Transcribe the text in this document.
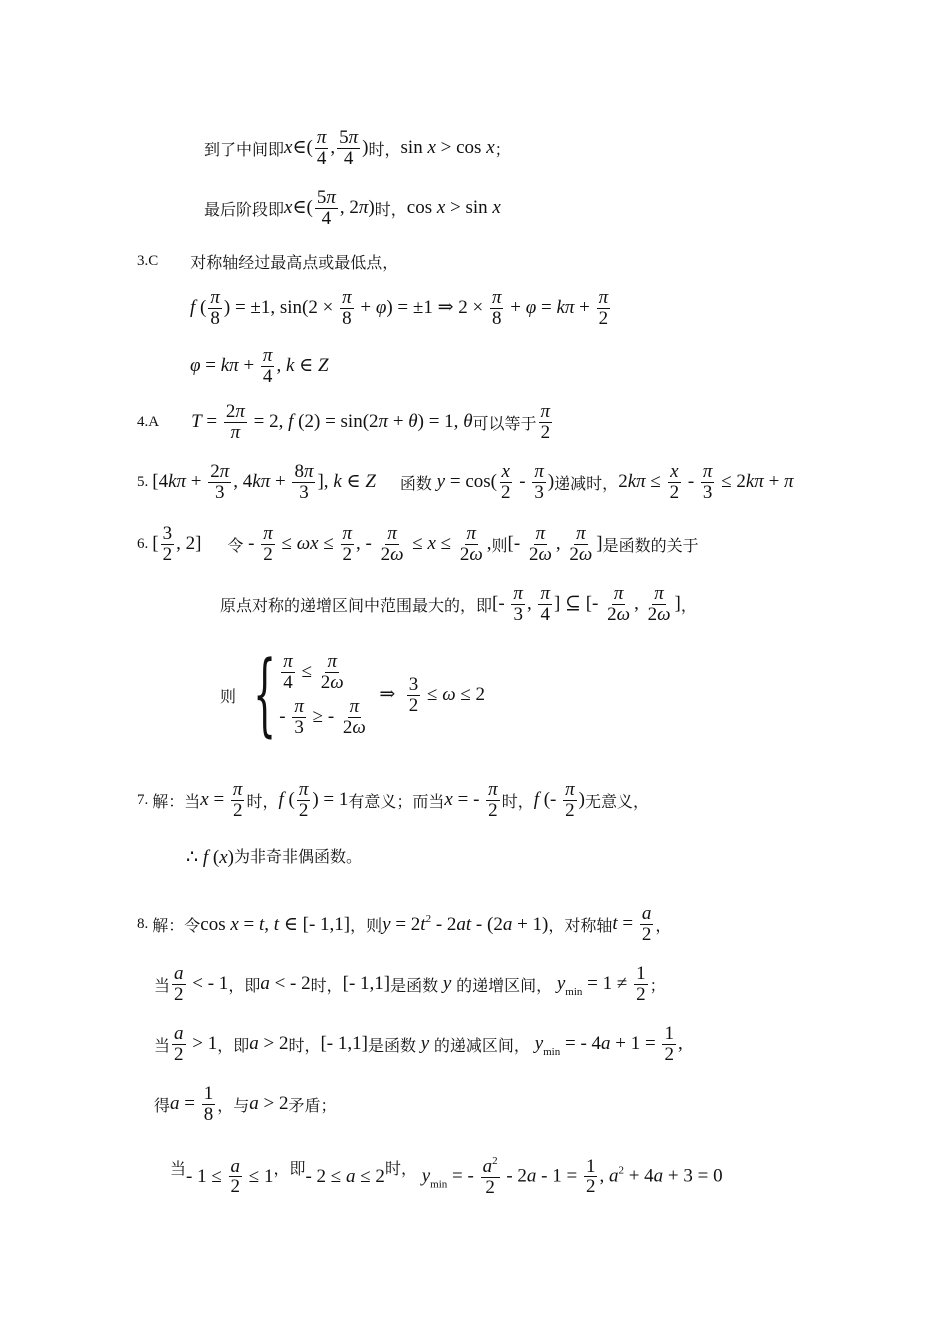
到了中间即 x∈( $\frac{\pi}{4}$ , $\frac{5\pi}{4}$ ) 时， sin x > cos x ；
最后阶段即 x∈( $\frac{5\pi}{4}$ , 2π) 时， cos x > sin x
3.C 对称轴经过最高点或最低点，
f ( $\frac{\pi}{8}$ ) = ±1, $\sin(2 \times \frac{\pi}{8} + \varphi) = \pm 1$ ⇒ $2 \times \frac{\pi}{8} + \varphi = k\pi + \frac{\pi}{2}$
$\varphi = k\pi + \frac{\pi}{4}$ , k ∈ Z
4.A $T = \frac{2\pi}{\pi} = 2$, f (2) = sin(2π + θ) = 1, θ 可以等于 $\frac{\pi}{2}$
5. [$4k\pi + \frac{2\pi}{3}$ , $4k\pi + \frac{8\pi}{3}$ ], k ∈ Z 函数 $y = \cos( \frac{x}{2} - \frac{\pi}{3}$ ) 递减时， $2k\pi \le \frac{x}{2} - \frac{\pi}{3} \le 2k\pi + \pi$
6. [ $\frac{3}{2}$ , 2] 令 - $\frac{\pi}{2} \le \omega x \le \frac{\pi}{2}$ , - $\frac{\pi}{2\omega} \le x \le \frac{\pi}{2\omega}$ , 则 [- $\frac{\pi}{2\omega}$ , $\frac{\pi}{2\omega}$ ] 是函数的关于
原点对称的递增区间中范围最大的，即 [- $\frac{\pi}{3}$ , $\frac{\pi}{4}$ ] ⊆ [- $\frac{\pi}{2\omega}$ , $\frac{\pi}{2\omega}$ ] ，
则 { $\frac{\pi}{4} \le \frac{\pi}{2\omega}$
- $\frac{\pi}{3}$ ≥ - $\frac{\pi}{2\omega}$
⇒ $\frac{3}{2} \le \omega \le 2$
7. 解：当 $x = \frac{\pi}{2}$ 时， f ( $\frac{\pi}{2}$ ) = 1 有意义；而当 x = - $\frac{\pi}{2}$ 时， f (- $\frac{\pi}{2}$ ) 无意义，
∴ f (x) 为非奇非偶函数。
8. 解：令 cos x = t, t ∈ [- 1,1] ，则 $y = 2t^2 - 2at - (2a + 1)$ ，对称轴 $t = \frac{a}{2}$ ，
当 $\frac{a}{2}$ < - 1 ，即 a < - 2 时， [- 1,1] 是函数 y 的递增区间， $y_{min} = 1 \ne \frac{1}{2}$ ；
当 $\frac{a}{2} > 1$ ，即 a > 2 时， [- 1,1] 是函数 y 的递减区间， $y_{min}$ = - $4a + 1 = \frac{1}{2}$ ,
得 $a = \frac{1}{8}$ ，与 a > 2 矛盾；
当 - $1 \le \frac{a}{2} \le 1$ ，即 - 2 ≤ a ≤ 2 时， $y_{min}$ = - $\frac{a^2}{2} - 2a - 1 = \frac{1}{2}$ , $a^2 + 4a + 3 = 0$
